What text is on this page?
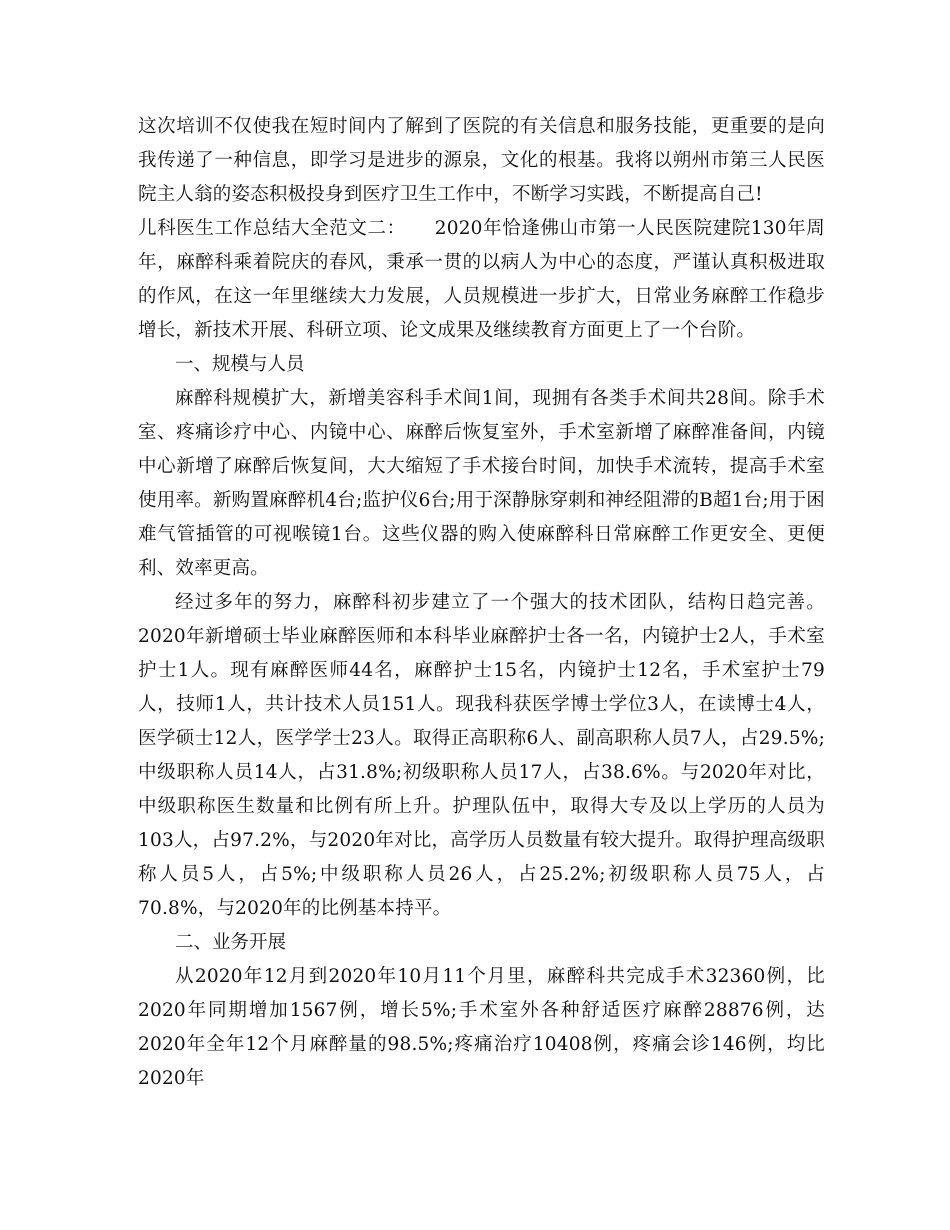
这次培训不仅使我在短时间内了解到了医院的有关信息和服务技能，更重要的是向我传递了一种信息，即学习是进步的源泉，文化的根基。我将以朔州市第三人民医院主人翁的姿态积极投身到医疗卫生工作中，不断学习实践，不断提高自己!

儿科医生工作总结大全范文二：　　2020年恰逢佛山市第一人民医院建院130年周年，麻醉科乘着院庆的春风，秉承一贯的以病人为中心的态度，严谨认真积极进取的作风，在这一年里继续大力发展，人员规模进一步扩大，日常业务麻醉工作稳步增长，新技术开展、科研立项、论文成果及继续教育方面更上了一个台阶。

一、规模与人员

麻醉科规模扩大，新增美容科手术间1间，现拥有各类手术间共28间。除手术室、疼痛诊疗中心、内镜中心、麻醉后恢复室外，手术室新增了麻醉准备间，内镜中心新增了麻醉后恢复间，大大缩短了手术接台时间，加快手术流转，提高手术室使用率。新购置麻醉机4台;监护仪6台;用于深静脉穿刺和神经阻滞的B超1台;用于困难气管插管的可视喉镜1台。这些仪器的购入使麻醉科日常麻醉工作更安全、更便利、效率更高。

经过多年的努力，麻醉科初步建立了一个强大的技术团队，结构日趋完善。2020年新增硕士毕业麻醉医师和本科毕业麻醉护士各一名，内镜护士2人，手术室护士1人。现有麻醉医师44名，麻醉护士15名，内镜护士12名，手术室护士79人，技师1人，共计技术人员151人。现我科获医学博士学位3人，在读博士4人，医学硕士12人，医学学士23人。取得正高职称6人、副高职称人员7人，占29.5%;中级职称人员14人，占31.8%;初级职称人员17人，占38.6%。与2020年对比，中级职称医生数量和比例有所上升。护理队伍中，取得大专及以上学历的人员为103人，占97.2%，与2020年对比，高学历人员数量有较大提升。取得护理高级职称人员5人，占5%;中级职称人员26人，占25.2%;初级职称人员75人，占70.8%，与2020年的比例基本持平。

二、业务开展

从2020年12月到2020年10月11个月里，麻醉科共完成手术32360例，比2020年同期增加1567例，增长5%;手术室外各种舒适医疗麻醉28876例，达2020年全年12个月麻醉量的98.5%;疼痛治疗10408例，疼痛会诊146例，均比2020年
